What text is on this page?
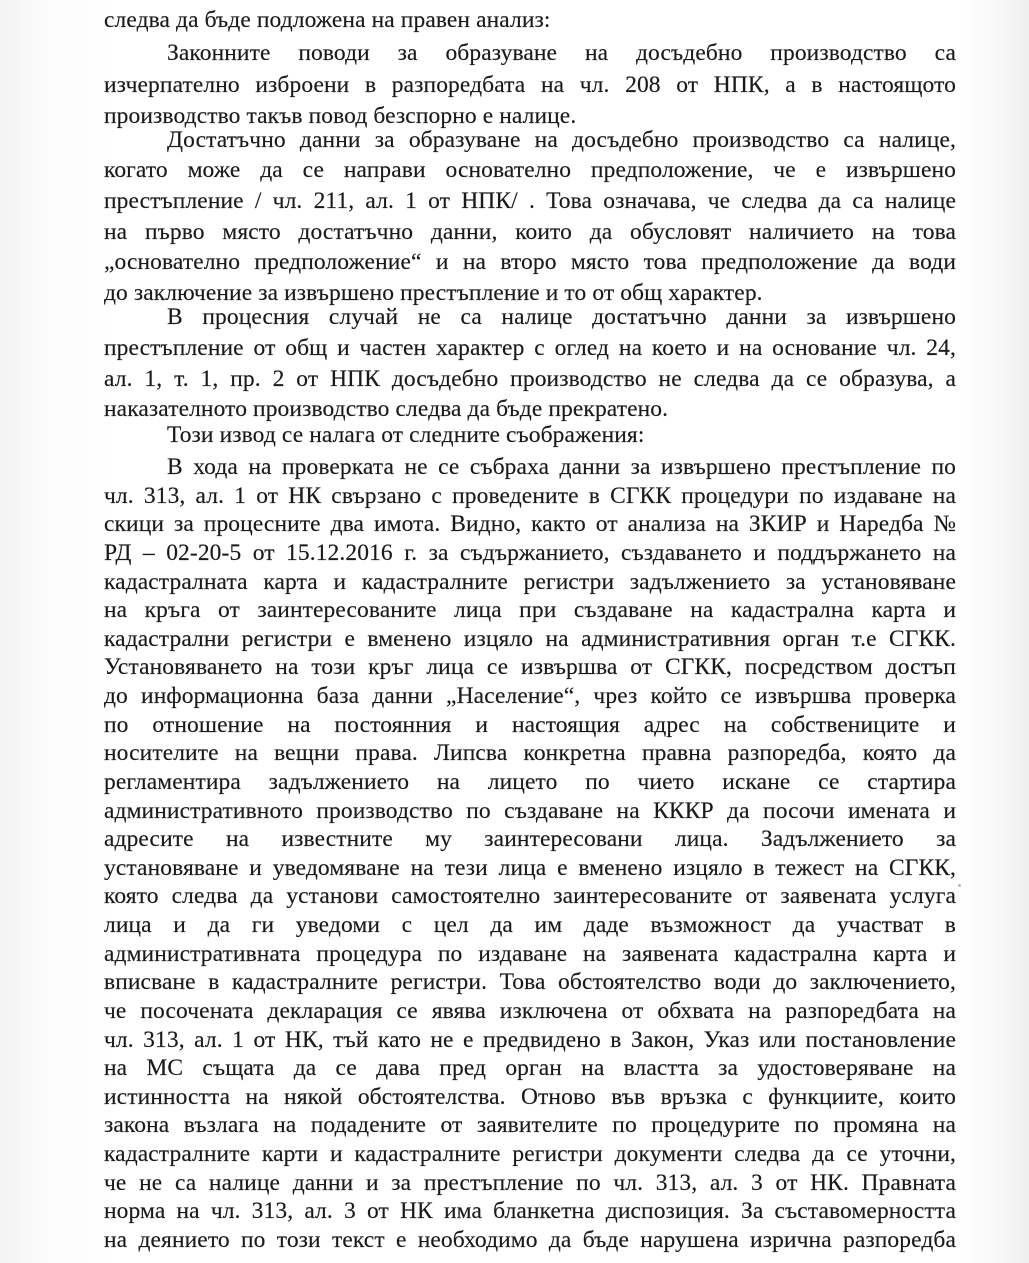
следва да бъде подложена на правен анализ:
Законните поводи за образуване на досъдебно производство са
изчерпателно изброени в разпоредбата на чл. 208 от НПК, а в настоящото
производство такъв повод безспорно е налице.
Достатъчно данни за образуване на досъдебно производство са налице,
когато може да се направи основателно предположение, че е извършено
престъпление / чл. 211, ал. 1 от НПК/ . Това означава, че следва да са налице
на първо място достатъчно данни, които да обусловят наличието на това
„основателно предположение“ и на второ място това предположение да води
до заключение за извършено престъпление и то от общ характер.
В процесния случай не са налице достатъчно данни за извършено
престъпление от общ и частен характер с оглед на което и на основание чл. 24,
ал. 1, т. 1, пр. 2 от НПК досъдебно производство не следва да се образува, а
наказателното производство следва да бъде прекратено.
Този извод се налага от следните съображения:
В хода на проверката не се събраха данни за извършено престъпление по
чл. 313, ал. 1 от НК свързано с проведените в СГКК процедури по издаване на
скици за процесните два имота. Видно, както от анализа на ЗКИР и Наредба №
РД – 02-20-5 от 15.12.2016 г. за съдържанието, създаването и поддържането на
кадастралната карта и кадастралните регистри задължението за установяване
на кръга от заинтересованите лица при създаване на кадастрална карта и
кадастрални регистри е вменено изцяло на административния орган т.е СГКК.
Установяването на този кръг лица се извършва от СГКК, посредством достъп
до информационна база данни „Население“, чрез който се извършва проверка
по отношение на постоянния и настоящия адрес на собствениците и
носителите на вещни права. Липсва конкретна правна разпоредба, която да
регламентира задължението на лицето по чието искане се стартира
административното производство по създаване на КККР да посочи имената и
адресите на известните му заинтересовани лица. Задължението за
установяване и уведомяване на тези лица е вменено изцяло в тежест на СГКК,
която следва да установи самостоятелно заинтересованите от заявената услуга
лица и да ги уведоми с цел да им даде възможност да участват в
административната процедура по издаване на заявената кадастрална карта и
вписване в кадастралните регистри. Това обстоятелство води до заключението,
че посочената декларация се явява изключена от обхвата на разпоредбата на
чл. 313, ал. 1 от НК, тъй като не е предвидено в Закон, Указ или постановление
на МС същата да се дава пред орган на властта за удостоверяване на
истинността на някой обстоятелства. Отново във връзка с функциите, които
закона възлага на подадените от заявителите по процедурите по промяна на
кадастралните карти и кадастралните регистри документи следва да се уточни,
че не са налице данни и за престъпление по чл. 313, ал. 3 от НК. Правната
норма на чл. 313, ал. 3 от НК има бланкетна диспозиция. За съставомерността
на деянието по този текст е необходимо да бъде нарушена изрична разпоредба
